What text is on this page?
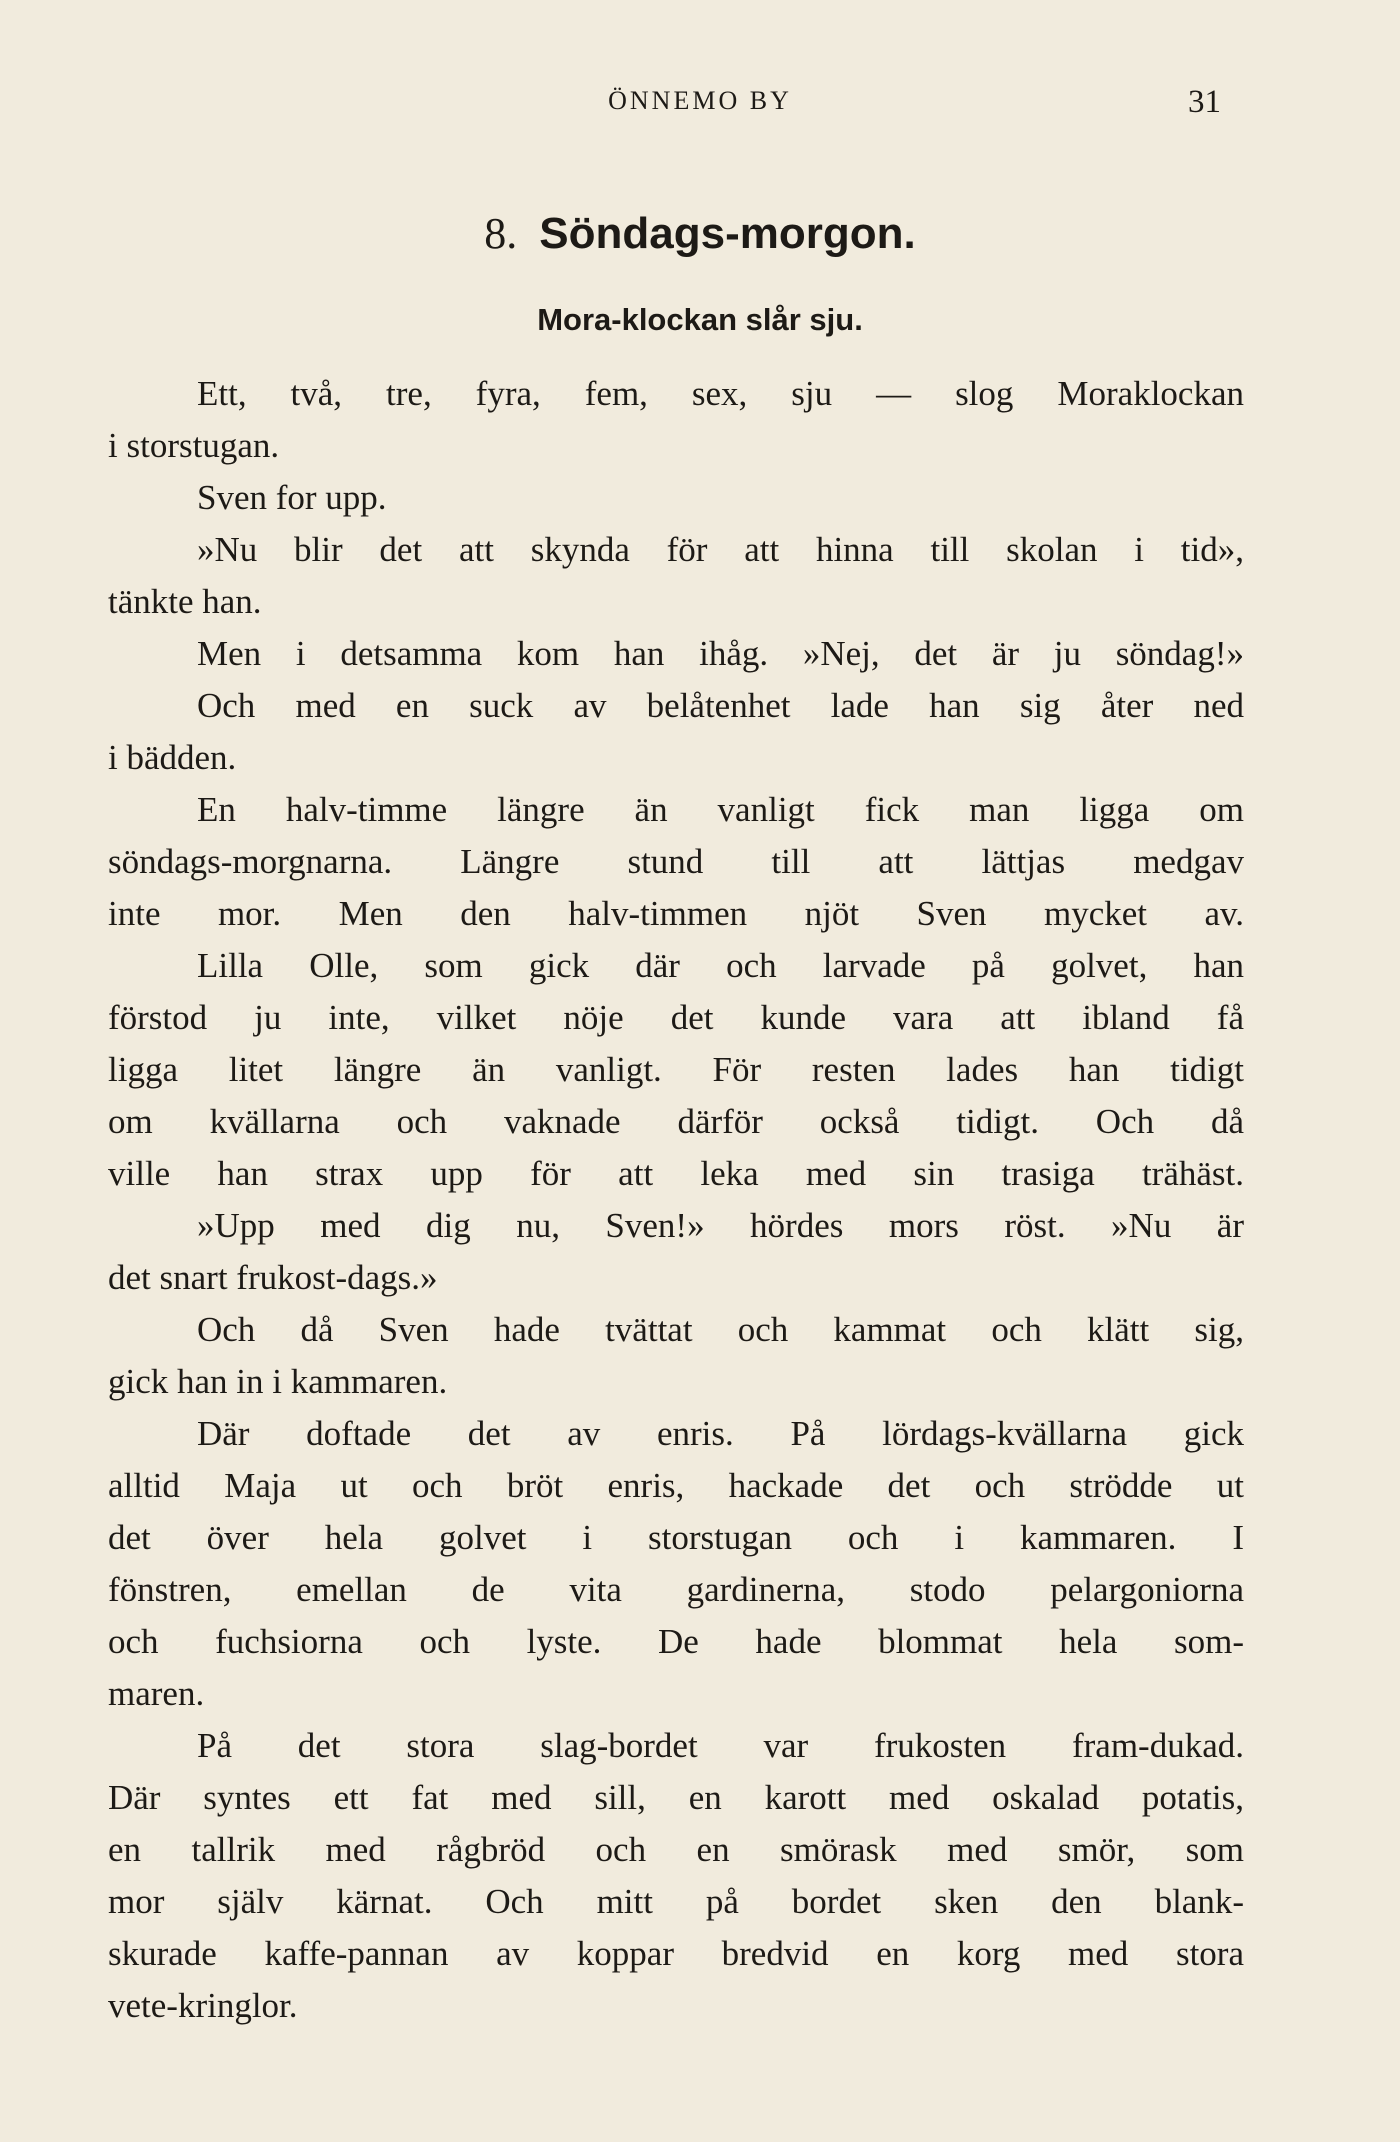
ÖNNEMO BY	31
8. Söndags-morgon.
Mora-klockan slår sju.
Ett, två, tre, fyra, fem, sex, sju — slog Moraklockan
i storstugan.
Sven for upp.
»Nu blir det att skynda för att hinna till skolan i tid»,
tänkte han.
Men i detsamma kom han ihåg. »Nej, det är ju söndag!»
Och med en suck av belåtenhet lade han sig åter ned
i bädden.
En halv-timme längre än vanligt fick man ligga om
söndags-morgnarna. Längre stund till att lättjas medgav
inte mor. Men den halv-timmen njöt Sven mycket av.
Lilla Olle, som gick där och larvade på golvet, han
förstod ju inte, vilket nöje det kunde vara att ibland få
ligga litet längre än vanligt. För resten lades han tidigt
om kvällarna och vaknade därför också tidigt. Och då
ville han strax upp för att leka med sin trasiga trähäst.
»Upp med dig nu, Sven!» hördes mors röst. »Nu är
det snart frukost-dags.»
Och då Sven hade tvättat och kammat och klätt sig,
gick han in i kammaren.
Där doftade det av enris. På lördags-kvällarna gick
alltid Maja ut och bröt enris, hackade det och strödde ut
det över hela golvet i storstugan och i kammaren. I
fönstren, emellan de vita gardinerna, stodo pelargoniorna
och fuchsiorna och lyste. De hade blommat hela som-
maren.
På det stora slag-bordet var frukosten fram-dukad.
Där syntes ett fat med sill, en karott med oskalad potatis,
en tallrik med rågbröd och en smörask med smör, som
mor själv kärnat. Och mitt på bordet sken den blank-
skurade kaffe-pannan av koppar bredvid en korg med stora
vete-kringlor.
